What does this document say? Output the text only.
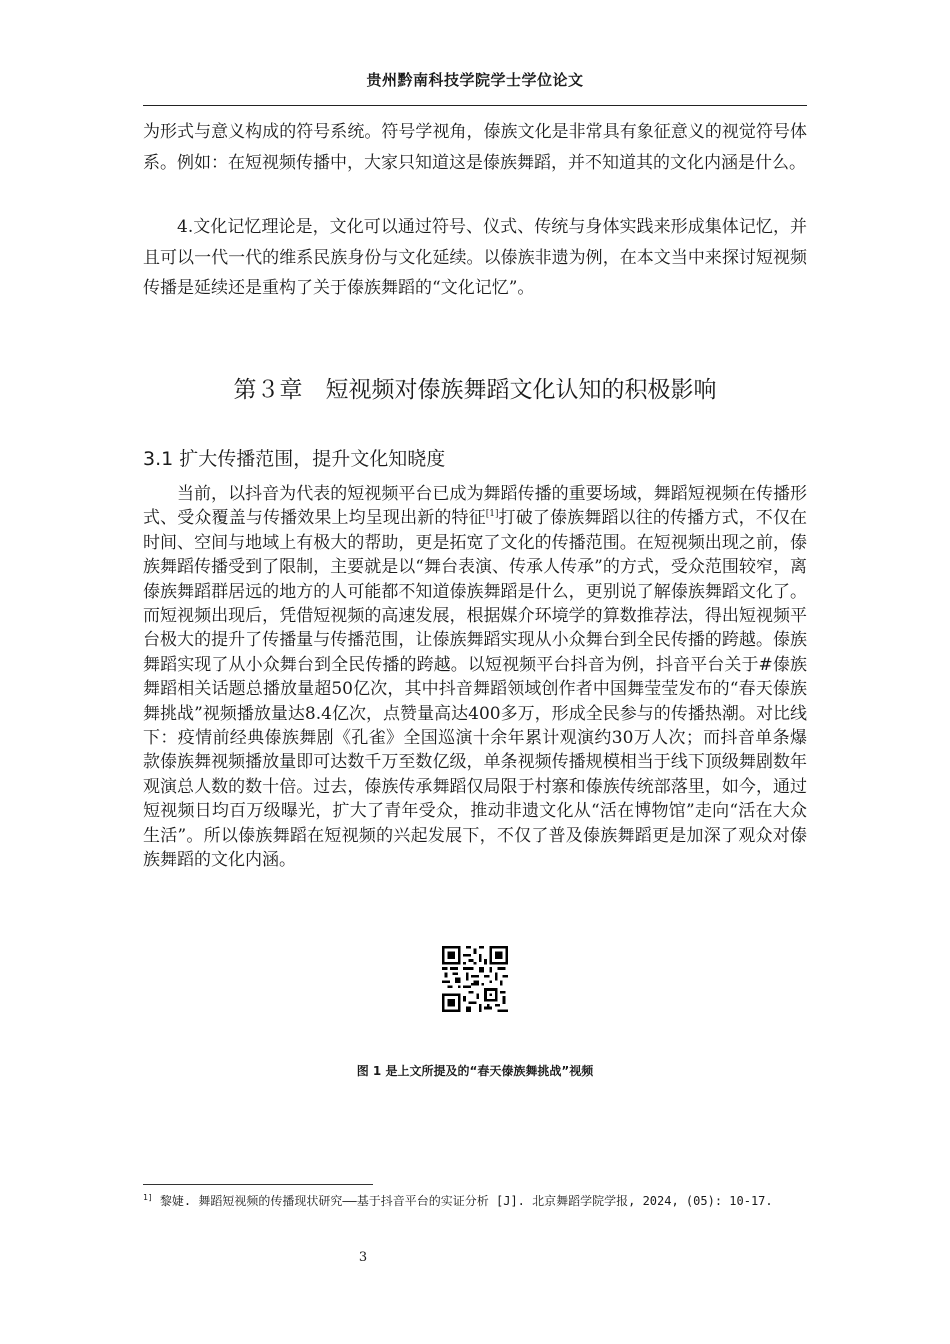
贵州黔南科技学院学士学位论文

为形式与意义构成的符号系统。符号学视角，傣族文化是非常具有象征意义的视觉符号体系。例如：在短视频传播中，大家只知道这是傣族舞蹈，并不知道其的文化内涵是什么。

4.文化记忆理论是，文化可以通过符号、仪式、传统与身体实践来形成集体记忆，并且可以一代一代的维系民族身份与文化延续。以傣族非遗为例，在本文当中来探讨短视频传播是延续还是重构了关于傣族舞蹈的“文化记忆”。

第３章　短视频对傣族舞蹈文化认知的积极影响
3.1 扩大传播范围，提升文化知晓度

当前，以抖音为代表的短视频平台已成为舞蹈传播的重要场域，舞蹈短视频在传播形式、受众覆盖与传播效果上均呈现出新的特征[1]打破了傣族舞蹈以往的传播方式，不仅在时间、空间与地域上有极大的帮助，更是拓宽了文化的传播范围。在短视频出现之前，傣族舞蹈传播受到了限制，主要就是以“舞台表演、传承人传承”的方式，受众范围较窄，离傣族舞蹈群居远的地方的人可能都不知道傣族舞蹈是什么，更别说了解傣族舞蹈文化了。而短视频出现后，凭借短视频的高速发展，根据媒介环境学的算数推荐法，得出短视频平台极大的提升了传播量与传播范围，让傣族舞蹈实现从小众舞台到全民传播的跨越。傣族舞蹈实现了从小众舞台到全民传播的跨越。以短视频平台抖音为例，抖音平台关于#傣族舞蹈相关话题总播放量超50亿次，其中抖音舞蹈领域创作者中国舞莹莹发布的“春天傣族舞挑战”视频播放量达8.4亿次，点赞量高达400多万，形成全民参与的传播热潮。对比线下：疫情前经典傣族舞剧《孔雀》全国巡演十余年累计观演约30万人次；而抖音单条爆款傣族舞视频播放量即可达数千万至数亿级，单条视频传播规模相当于线下顶级舞剧数年观演总人数的数十倍。过去，傣族传承舞蹈仅局限于村寨和傣族传统部落里，如今，通过短视频日均百万级曝光，扩大了青年受众，推动非遗文化从“活在博物馆”走向“活在大众生活”。所以傣族舞蹈在短视频的兴起发展下，不仅了普及傣族舞蹈更是加深了观众对傣族舞蹈的文化内涵。

图 1 是上文所提及的“春天傣族舞挑战”视频
$^{1]}$ 黎婕. 舞蹈短视频的传播现状研究——基于抖音平台的实证分析 [J]. 北京舞蹈学院学报, 2024, (05): 10-17.
3
